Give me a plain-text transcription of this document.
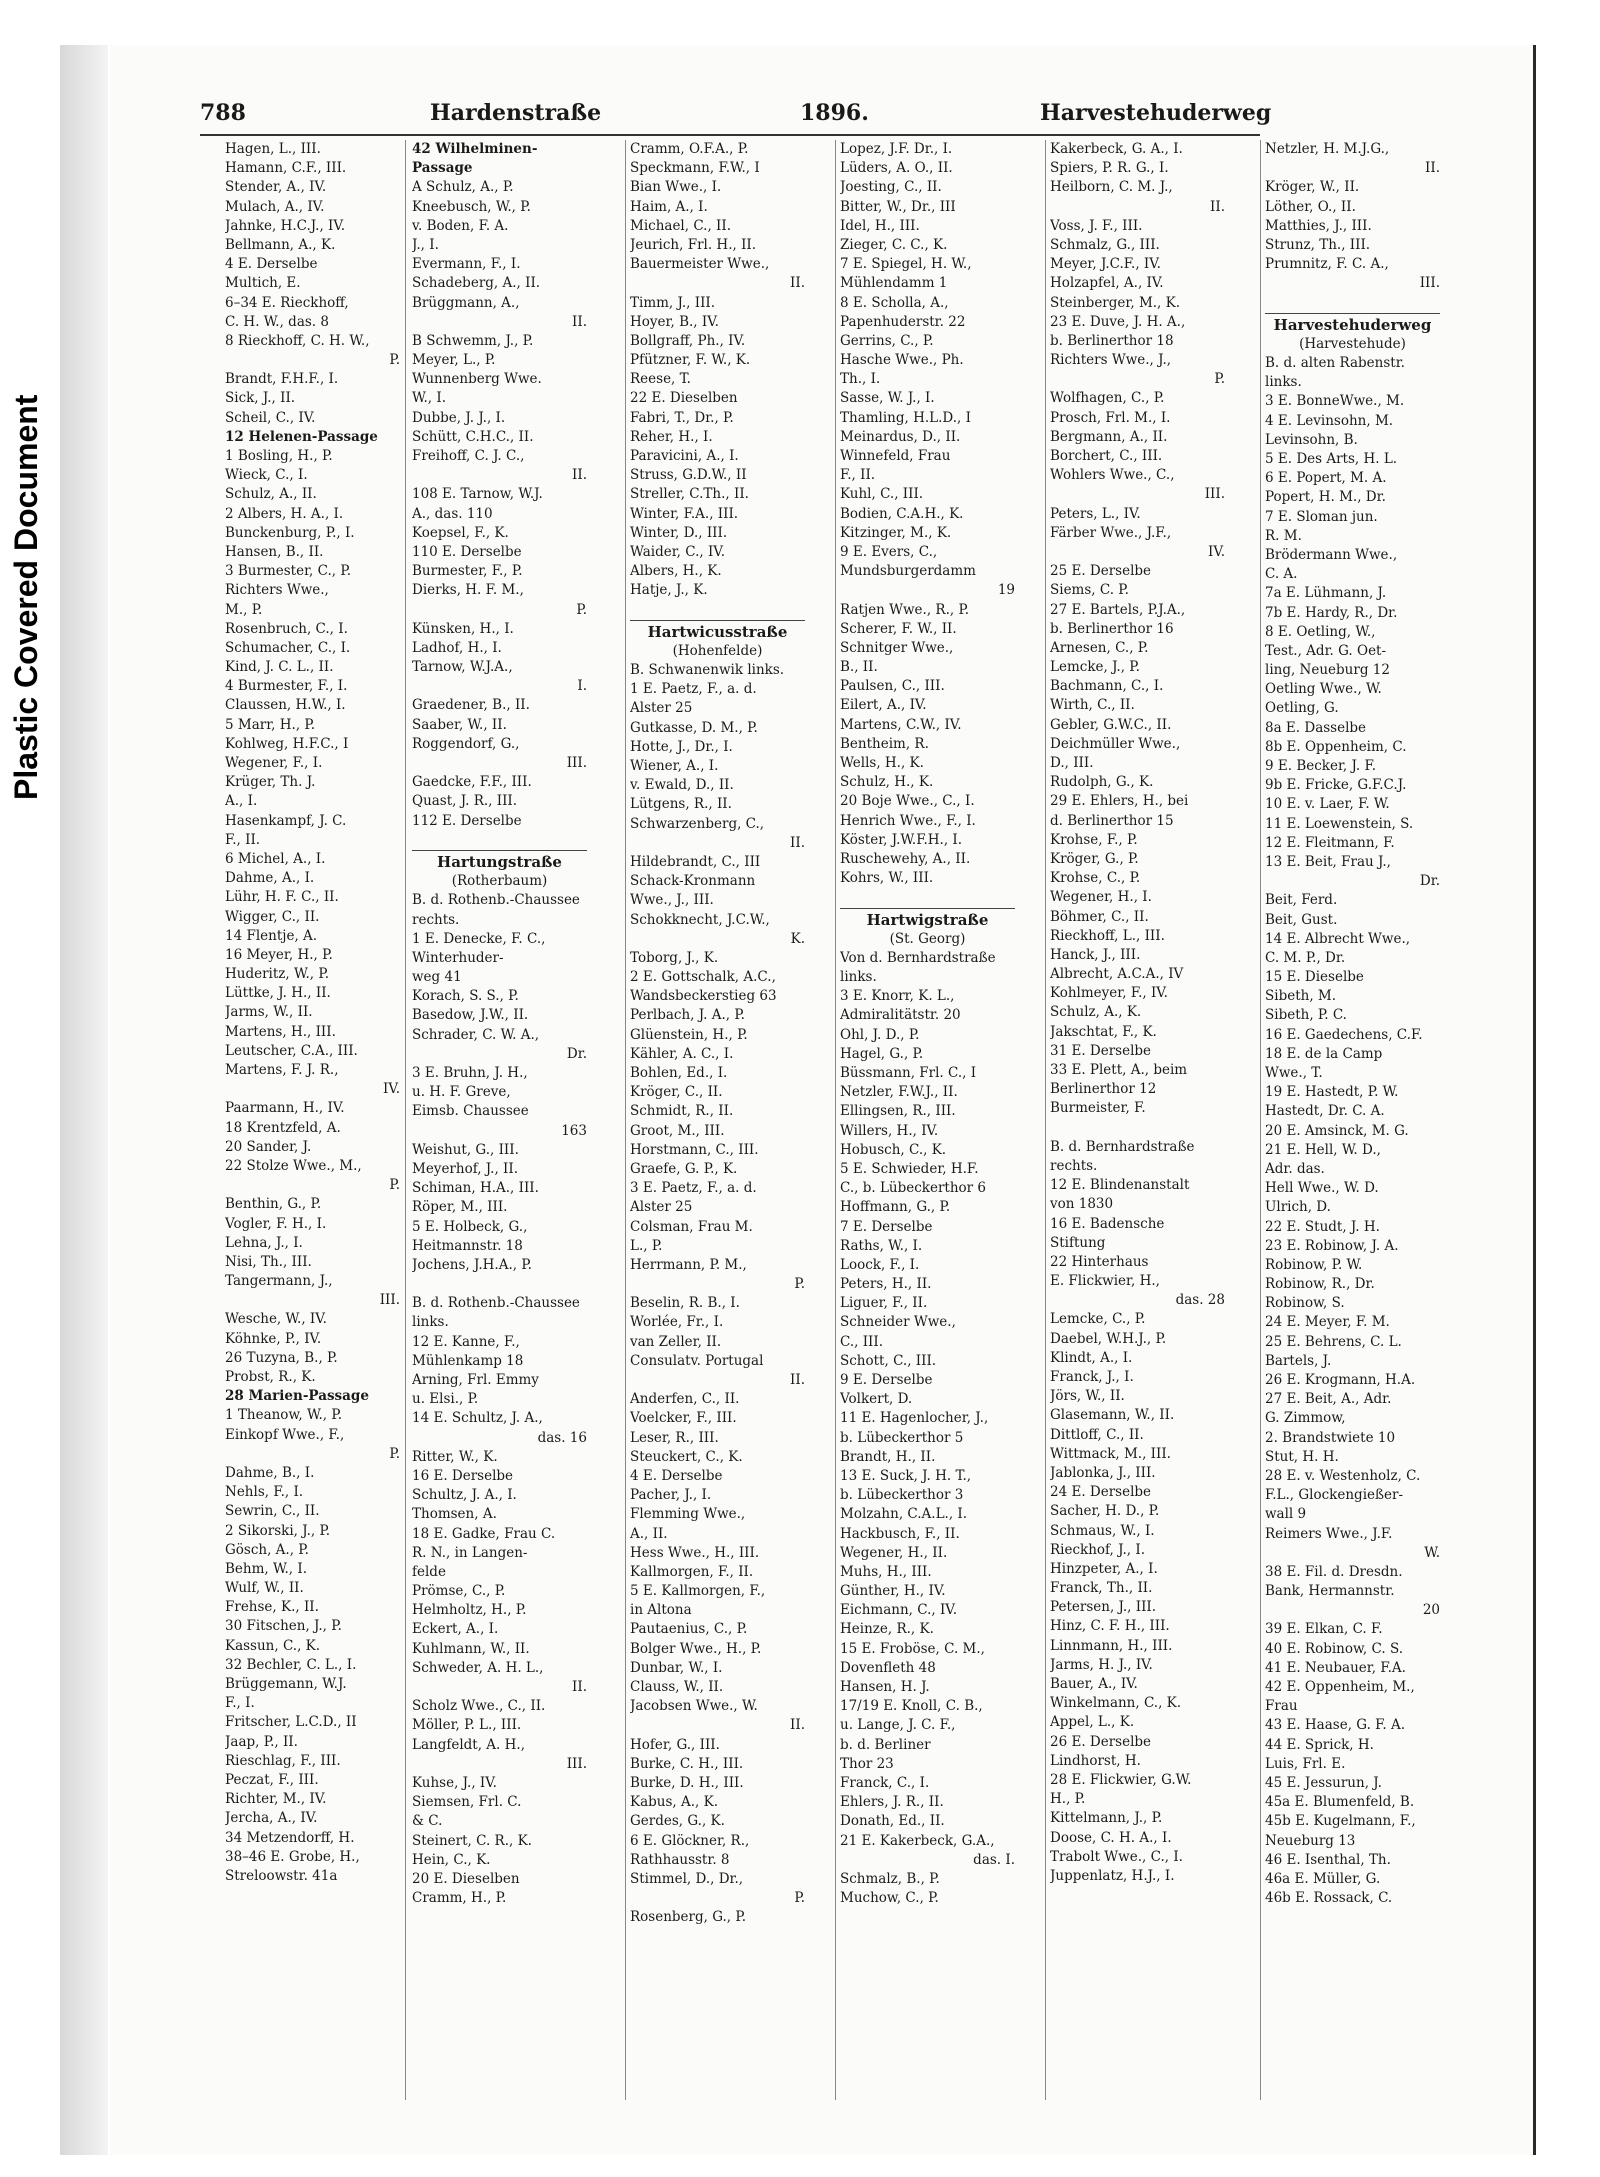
Plastic Covered Document
788	Hardenstraße	1896.	Harvestehuderweg
Hagen, L., III.
Hamann, C.F., III.
Stender, A., IV.
Mulach, A., IV.
Jahnke, H.C.J., IV.
Bellmann, A., K.
4 E. Derselbe
Multich, E.
6–34 E. Rieckhoff,
C. H. W., das. 8
8 Rieckhoff, C. H. W.,
P.
Brandt, F.H.F., I.
Sick, J., II.
Scheil, C., IV.
12 Helenen-Passage
1 Bosling, H., P.
Wieck, C., I.
Schulz, A., II.
2 Albers, H. A., I.
Bunckenburg, P., I.
Hansen, B., II.
3 Burmester, C., P.
Richters Wwe.,
M., P.
Rosenbruch, C., I.
Schumacher, C., I.
Kind, J. C. L., II.
4 Burmester, F., I.
Claussen, H.W., I.
5 Marr, H., P.
Kohlweg, H.F.C., I
Wegener, F., I.
Krüger, Th. J.
A., I.
Hasenkampf, J. C.
F., II.
6 Michel, A., I.
Dahme, A., I.
Lühr, H. F. C., II.
Wigger, C., II.
14 Flentje, A.
16 Meyer, H., P.
Huderitz, W., P.
Lüttke, J. H., II.
Jarms, W., II.
Martens, H., III.
Leutscher, C.A., III.
Martens, F. J. R.,
IV.
Paarmann, H., IV.
18 Krentzfeld, A.
20 Sander, J.
22 Stolze Wwe., M.,
P.
Benthin, G., P.
Vogler, F. H., I.
Lehna, J., I.
Nisi, Th., III.
Tangermann, J.,
III.
Wesche, W., IV.
Köhnke, P., IV.
26 Tuzyna, B., P.
Probst, R., K.
28 Marien-Passage
1 Theanow, W., P.
Einkopf Wwe., F.,
P.
Dahme, B., I.
Nehls, F., I.
Sewrin, C., II.
2 Sikorski, J., P.
Gösch, A., P.
Behm, W., I.
Wulf, W., II.
Frehse, K., II.
30 Fitschen, J., P.
Kassun, C., K.
32 Bechler, C. L., I.
Brüggemann, W.J.
F., I.
Fritscher, L.C.D., II
Jaap, P., II.
Rieschlag, F., III.
Peczat, F., III.
Richter, M., IV.
Jercha, A., IV.
34 Metzendorff, H.
38–46 E. Grobe, H.,
Streloowstr. 41a
42 Wilhelminen-
Passage
A Schulz, A., P.
Kneebusch, W., P.
v. Boden, F. A.
J., I.
Evermann, F., I.
Schadeberg, A., II.
Brüggmann, A.,
II.
B Schwemm, J., P.
Meyer, L., P.
Wunnenberg Wwe.
W., I.
Dubbe, J. J., I.
Schütt, C.H.C., II.
Freihoff, C. J. C.,
II.
108 E. Tarnow, W.J.
A., das. 110
Koepsel, F., K.
110 E. Derselbe
Burmester, F., P.
Dierks, H. F. M.,
P.
Künsken, H., I.
Ladhof, H., I.
Tarnow, W.J.A.,
I.
Graedener, B., II.
Saaber, W., II.
Roggendorf, G.,
III.
Gaedcke, F.F., III.
Quast, J. R., III.
112 E. Derselbe

Hartungstraße
(Rotherbaum)
B. d. Rothenb.-Chaussee
rechts.
1 E. Denecke, F. C.,
Winterhuder-
weg 41
Korach, S. S., P.
Basedow, J.W., II.
Schrader, C. W. A.,
Dr.
3 E. Bruhn, J. H.,
u. H. F. Greve,
Eimsb. Chaussee
163
Weishut, G., III.
Meyerhof, J., II.
Schiman, H.A., III.
Röper, M., III.
5 E. Holbeck, G.,
Heitmannstr. 18
Jochens, J.H.A., P.

B. d. Rothenb.-Chaussee
links.
12 E. Kanne, F.,
Mühlenkamp 18
Arning, Frl. Emmy
u. Elsi., P.
14 E. Schultz, J. A.,
das. 16
Ritter, W., K.
16 E. Derselbe
Schultz, J. A., I.
Thomsen, A.
18 E. Gadke, Frau C.
R. N., in Langen-
felde
Prömse, C., P.
Helmholtz, H., P.
Eckert, A., I.
Kuhlmann, W., II.
Schweder, A. H. L.,
II.
Scholz Wwe., C., II.
Möller, P. L., III.
Langfeldt, A. H.,
III.
Kuhse, J., IV.
Siemsen, Frl. C.
& C.
Steinert, C. R., K.
Hein, C., K.
20 E. Dieselben
Cramm, H., P.
Cramm, O.F.A., P.
Speckmann, F.W., I
Bian Wwe., I.
Haim, A., I.
Michael, C., II.
Jeurich, Frl. H., II.
Bauermeister Wwe.,
II.
Timm, J., III.
Hoyer, B., IV.
Bollgraff, Ph., IV.
Pfützner, F. W., K.
Reese, T.
22 E. Dieselben
Fabri, T., Dr., P.
Reher, H., I.
Paravicini, A., I.
Struss, G.D.W., II
Streller, C.Th., II.
Winter, F.A., III.
Winter, D., III.
Waider, C., IV.
Albers, H., K.
Hatje, J., K.

Hartwicusstraße
(Hohenfelde)
B. Schwanenwik links.
1 E. Paetz, F., a. d.
Alster 25
Gutkasse, D. M., P.
Hotte, J., Dr., I.
Wiener, A., I.
v. Ewald, D., II.
Lütgens, R., II.
Schwarzenberg, C.,
II.
Hildebrandt, C., III
Schack-Kronmann
Wwe., J., III.
Schokknecht, J.C.W.,
K.
Toborg, J., K.
2 E. Gottschalk, A.C.,
Wandsbeckerstieg 63
Perlbach, J. A., P.
Glüenstein, H., P.
Kähler, A. C., I.
Bohlen, Ed., I.
Kröger, C., II.
Schmidt, R., II.
Groot, M., III.
Horstmann, C., III.
Graefe, G. P., K.
3 E. Paetz, F., a. d.
Alster 25
Colsman, Frau M.
L., P.
Herrmann, P. M.,
P.
Beselin, R. B., I.
Worlée, Fr., I.
van Zeller, II.
Consulatv. Portugal
II.
Anderfen, C., II.
Voelcker, F., III.
Leser, R., III.
Steuckert, C., K.
4 E. Derselbe
Pacher, J., I.
Flemming Wwe.,
A., II.
Hess Wwe., H., III.
Kallmorgen, F., II.
5 E. Kallmorgen, F.,
in Altona
Pautaenius, C., P.
Bolger Wwe., H., P.
Dunbar, W., I.
Clauss, W., II.
Jacobsen Wwe., W.
II.
Hofer, G., III.
Burke, C. H., III.
Burke, D. H., III.
Kabus, A., K.
Gerdes, G., K.
6 E. Glöckner, R.,
Rathhausstr. 8
Stimmel, D., Dr.,
P.
Rosenberg, G., P.
Lopez, J.F. Dr., I.
Lüders, A. O., II.
Joesting, C., II.
Bitter, W., Dr., III
Idel, H., III.
Zieger, C. C., K.
7 E. Spiegel, H. W.,
Mühlendamm 1
8 E. Scholla, A.,
Papenhuderstr. 22
Gerrins, C., P.
Hasche Wwe., Ph.
Th., I.
Sasse, W. J., I.
Thamling, H.L.D., I
Meinardus, D., II.
Winnefeld, Frau
F., II.
Kuhl, C., III.
Bodien, C.A.H., K.
Kitzinger, M., K.
9 E. Evers, C.,
Mundsburgerdamm
19
Ratjen Wwe., R., P.
Scherer, F. W., II.
Schnitger Wwe.,
B., II.
Paulsen, C., III.
Eilert, A., IV.
Martens, C.W., IV.
Bentheim, R.
Wells, H., K.
Schulz, H., K.
20 Boje Wwe., C., I.
Henrich Wwe., F., I.
Köster, J.W.F.H., I.
Ruschewehy, A., II.
Kohrs, W., III.

Hartwigstraße
(St. Georg)
Von d. Bernhardstraße
links.
3 E. Knorr, K. L.,
Admiralitätstr. 20
Ohl, J. D., P.
Hagel, G., P.
Büssmann, Frl. C., I
Netzler, F.W.J., II.
Ellingsen, R., III.
Willers, H., IV.
Hobusch, C., K.
5 E. Schwieder, H.F.
C., b. Lübeckerthor 6
Hoffmann, G., P.
7 E. Derselbe
Raths, W., I.
Loock, F., I.
Peters, H., II.
Liguer, F., II.
Schneider Wwe.,
C., III.
Schott, C., III.
9 E. Derselbe
Volkert, D.
11 E. Hagenlocher, J.,
b. Lübeckerthor 5
Brandt, H., II.
13 E. Suck, J. H. T.,
b. Lübeckerthor 3
Molzahn, C.A.L., I.
Hackbusch, F., II.
Wegener, H., II.
Muhs, H., III.
Günther, H., IV.
Eichmann, C., IV.
Heinze, R., K.
15 E. Froböse, C. M.,
Dovenfleth 48
Hansen, H. J.
17/19 E. Knoll, C. B.,
u. Lange, J. C. F.,
b. d. Berliner
Thor 23
Franck, C., I.
Ehlers, J. R., II.
Donath, Ed., II.
21 E. Kakerbeck, G.A.,
das. I.
Schmalz, B., P.
Muchow, C., P.
Kakerbeck, G. A., I.
Spiers, P. R. G., I.
Heilborn, C. M. J.,
II.
Voss, J. F., III.
Schmalz, G., III.
Meyer, J.C.F., IV.
Holzapfel, A., IV.
Steinberger, M., K.
23 E. Duve, J. H. A.,
b. Berlinerthor 18
Richters Wwe., J.,
P.
Wolfhagen, C., P.
Prosch, Frl. M., I.
Bergmann, A., II.
Borchert, C., III.
Wohlers Wwe., C.,
III.
Peters, L., IV.
Färber Wwe., J.F.,
IV.
25 E. Derselbe
Siems, C. P.
27 E. Bartels, P.J.A.,
b. Berlinerthor 16
Arnesen, C., P.
Lemcke, J., P.
Bachmann, C., I.
Wirth, C., II.
Gebler, G.W.C., II.
Deichmüller Wwe.,
D., III.
Rudolph, G., K.
29 E. Ehlers, H., bei
d. Berlinerthor 15
Krohse, F., P.
Kröger, G., P.
Krohse, C., P.
Wegener, H., I.
Böhmer, C., II.
Rieckhoff, L., III.
Hanck, J., III.
Albrecht, A.C.A., IV
Kohlmeyer, F., IV.
Schulz, A., K.
Jakschtat, F., K.
31 E. Derselbe
33 E. Plett, A., beim
Berlinerthor 12
Burmeister, F.

B. d. Bernhardstraße
rechts.
12 E. Blindenanstalt
von 1830
16 E. Badensche
Stiftung
22 Hinterhaus
E. Flickwier, H.,
das. 28
Lemcke, C., P.
Daebel, W.H.J., P.
Klindt, A., I.
Franck, J., I.
Jörs, W., II.
Glasemann, W., II.
Dittloff, C., II.
Wittmack, M., III.
Jablonka, J., III.
24 E. Derselbe
Sacher, H. D., P.
Schmaus, W., I.
Rieckhof, J., I.
Hinzpeter, A., I.
Franck, Th., II.
Petersen, J., III.
Hinz, C. F. H., III.
Linnmann, H., III.
Jarms, H. J., IV.
Bauer, A., IV.
Winkelmann, C., K.
Appel, L., K.
26 E. Derselbe
Lindhorst, H.
28 E. Flickwier, G.W.
H., P.
Kittelmann, J., P.
Doose, C. H. A., I.
Trabolt Wwe., C., I.
Juppenlatz, H.J., I.
Netzler, H. M.J.G.,
II.
Kröger, W., II.
Löther, O., II.
Matthies, J., III.
Strunz, Th., III.
Prumnitz, F. C. A.,
III.

Harvestehuderweg
(Harvestehude)
B. d. alten Rabenstr.
links.
3 E. BonneWwe., M.
4 E. Levinsohn, M.
Levinsohn, B.
5 E. Des Arts, H. L.
6 E. Popert, M. A.
Popert, H. M., Dr.
7 E. Sloman jun.
R. M.
Brödermann Wwe.,
C. A.
7a E. Lühmann, J.
7b E. Hardy, R., Dr.
8 E. Oetling, W.,
Test., Adr. G. Oet-
ling, Neueburg 12
Oetling Wwe., W.
Oetling, G.
8a E. Dasselbe
8b E. Oppenheim, C.
9 E. Becker, J. F.
9b E. Fricke, G.F.C.J.
10 E. v. Laer, F. W.
11 E. Loewenstein, S.
12 E. Fleitmann, F.
13 E. Beit, Frau J.,
Dr.
Beit, Ferd.
Beit, Gust.
14 E. Albrecht Wwe.,
C. M. P., Dr.
15 E. Dieselbe
Sibeth, M.
Sibeth, P. C.
16 E. Gaedechens, C.F.
18 E. de la Camp
Wwe., T.
19 E. Hastedt, P. W.
Hastedt, Dr. C. A.
20 E. Amsinck, M. G.
21 E. Hell, W. D.,
Adr. das.
Hell Wwe., W. D.
Ulrich, D.
22 E. Studt, J. H.
23 E. Robinow, J. A.
Robinow, P. W.
Robinow, R., Dr.
Robinow, S.
24 E. Meyer, F. M.
25 E. Behrens, C. L.
Bartels, J.
26 E. Krogmann, H.A.
27 E. Beit, A., Adr.
G. Zimmow,
2. Brandstwiete 10
Stut, H. H.
28 E. v. Westenholz, C.
F.L., Glockengießer-
wall 9
Reimers Wwe., J.F.
W.
38 E. Fil. d. Dresdn.
Bank, Hermannstr.
20
39 E. Elkan, C. F.
40 E. Robinow, C. S.
41 E. Neubauer, F.A.
42 E. Oppenheim, M.,
Frau
43 E. Haase, G. F. A.
44 E. Sprick, H.
Luis, Frl. E.
45 E. Jessurun, J.
45a E. Blumenfeld, B.
45b E. Kugelmann, F.,
Neueburg 13
46 E. Isenthal, Th.
46a E. Müller, G.
46b E. Rossack, C.
